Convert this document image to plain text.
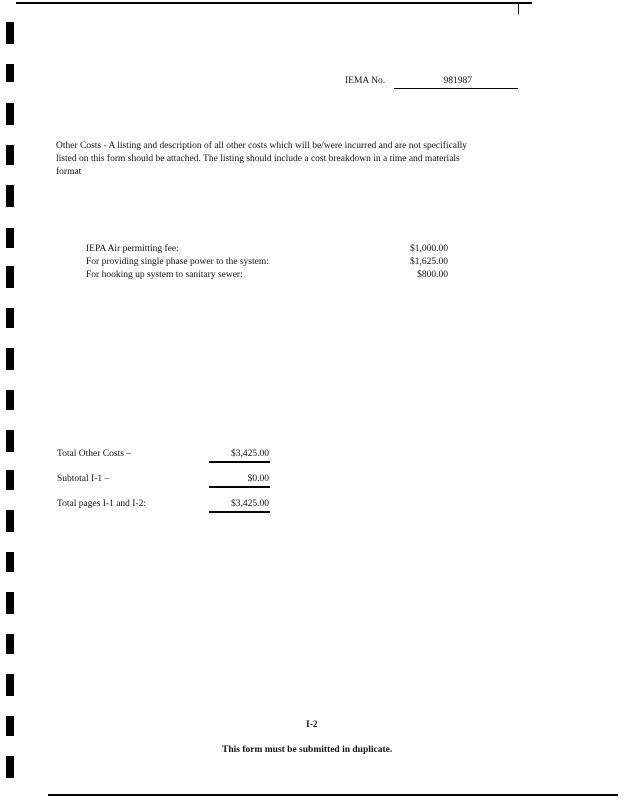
IEMA No.	981987
Other Costs - A listing and description of all other costs which will be/were incurred and are not specifically
listed on this form should be attached. The listing should include a cost breakdown in a time and materials
format
IEPA Air permitting fee:	$1,000.00
For providing single phase power to the system:	$1,625.00
For hooking up system to sanitary sewer:	$800.00
Total Other Costs –	$3,425.00
Subtotal I-1 –	$0.00
Total pages I-1 and I-2:	$3,425.00
I-2
This form must be submitted in duplicate.
